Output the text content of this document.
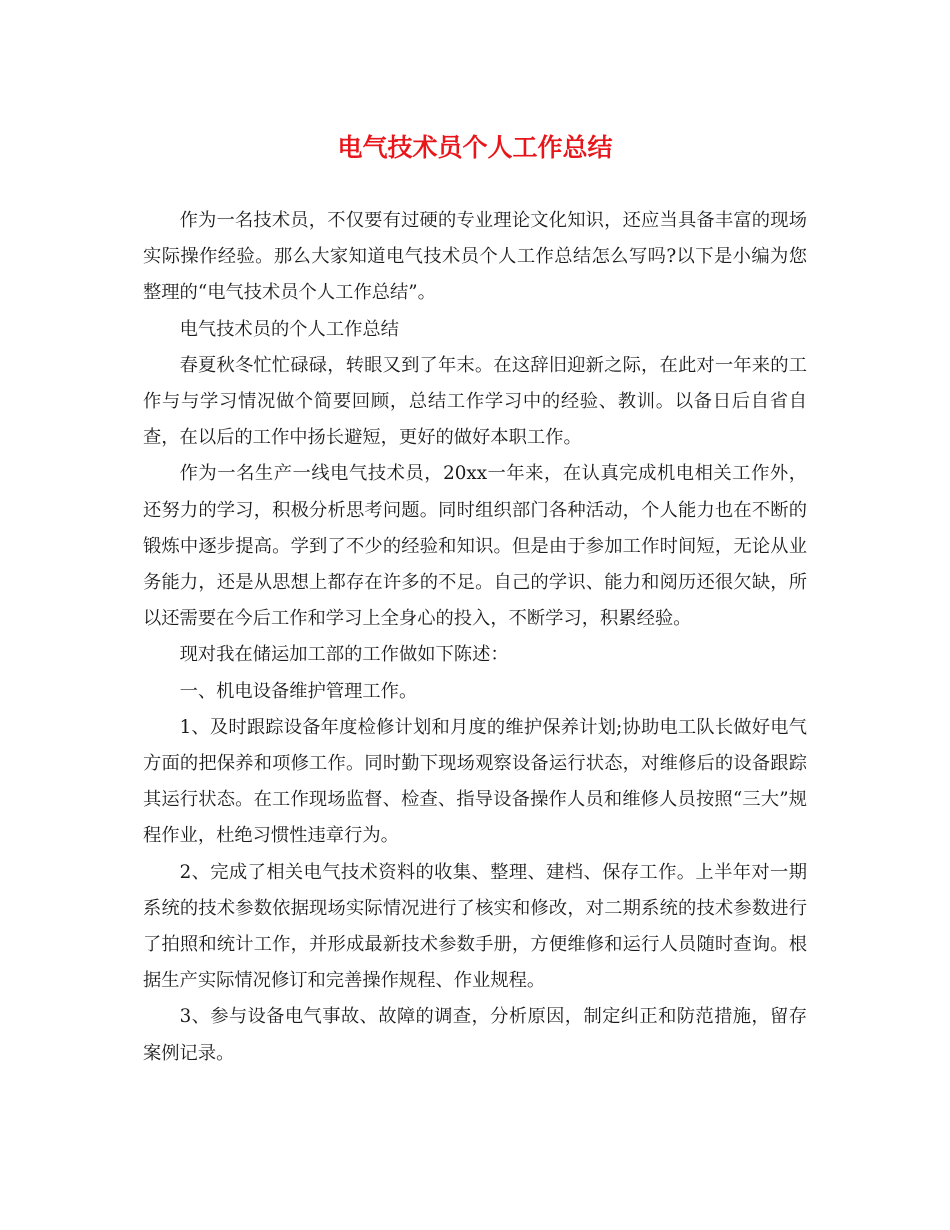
电气技术员个人工作总结

作为一名技术员，不仅要有过硬的专业理论文化知识，还应当具备丰富的现场实际操作经验。那么大家知道电气技术员个人工作总结怎么写吗?以下是小编为您整理的“电气技术员个人工作总结”。

电气技术员的个人工作总结

春夏秋冬忙忙碌碌，转眼又到了年末。在这辞旧迎新之际，在此对一年来的工作与与学习情况做个简要回顾，总结工作学习中的经验、教训。以备日后自省自查，在以后的工作中扬长避短，更好的做好本职工作。

作为一名生产一线电气技术员，20xx一年来，在认真完成机电相关工作外，还努力的学习，积极分析思考问题。同时组织部门各种活动，个人能力也在不断的锻炼中逐步提高。学到了不少的经验和知识。但是由于参加工作时间短，无论从业务能力，还是从思想上都存在许多的不足。自己的学识、能力和阅历还很欠缺，所以还需要在今后工作和学习上全身心的投入，不断学习，积累经验。

现对我在储运加工部的工作做如下陈述：

一、机电设备维护管理工作。

1、及时跟踪设备年度检修计划和月度的维护保养计划;协助电工队长做好电气方面的把保养和项修工作。同时勤下现场观察设备运行状态，对维修后的设备跟踪其运行状态。在工作现场监督、检查、指导设备操作人员和维修人员按照“三大”规程作业，杜绝习惯性违章行为。

2、完成了相关电气技术资料的收集、整理、建档、保存工作。上半年对一期系统的技术参数依据现场实际情况进行了核实和修改，对二期系统的技术参数进行了拍照和统计工作，并形成最新技术参数手册，方便维修和运行人员随时查询。根据生产实际情况修订和完善操作规程、作业规程。

3、参与设备电气事故、故障的调查，分析原因，制定纠正和防范措施，留存案例记录。
